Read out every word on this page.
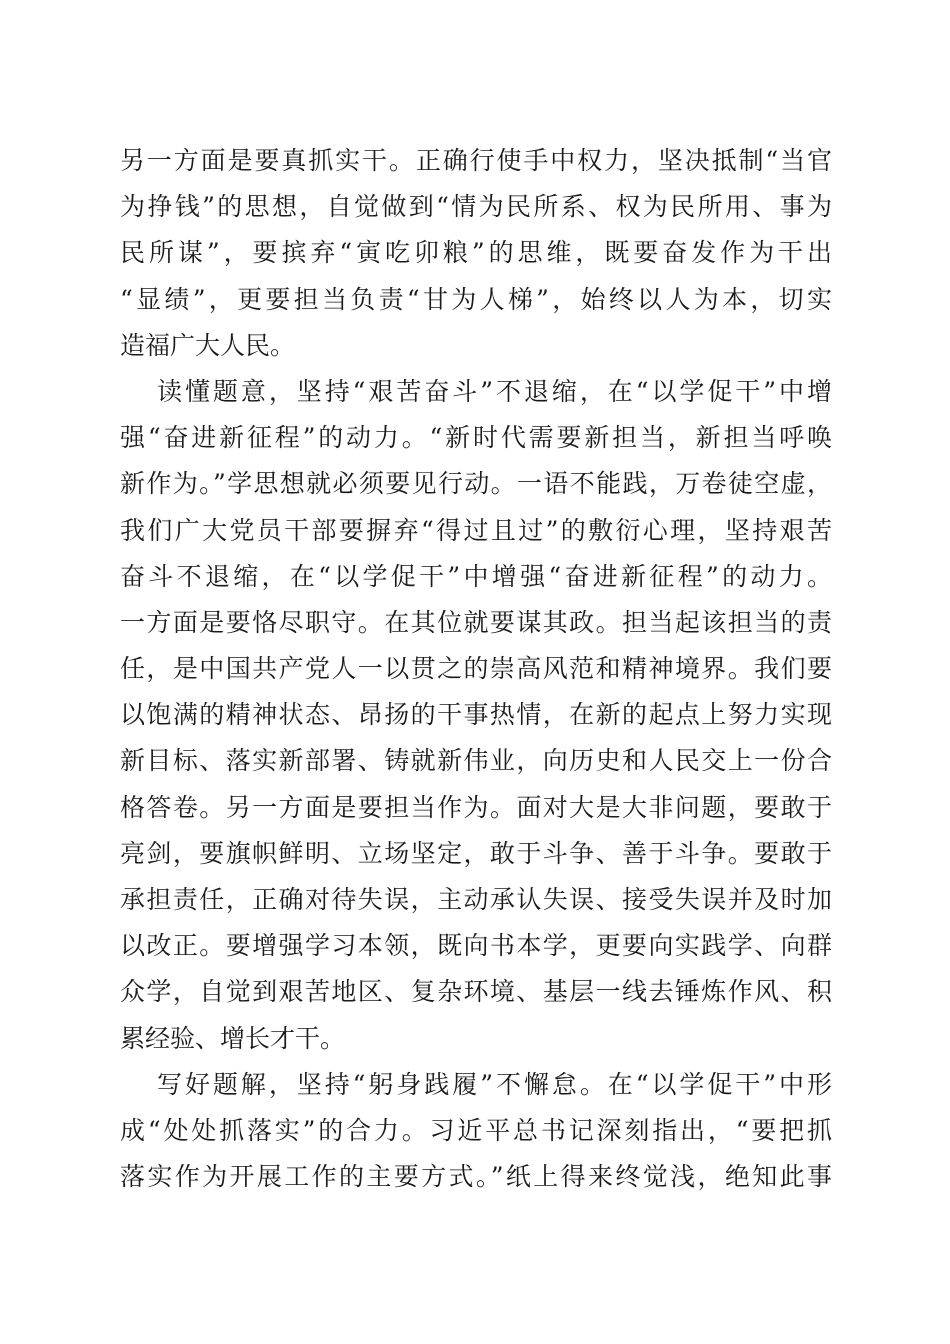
另一方面是要真抓实干。正确行使手中权力，坚决抵制“当官
为挣钱”的思想，自觉做到“情为民所系、权为民所用、事为
民所谋”，要摈弃“寅吃卯粮”的思维，既要奋发作为干出
“显绩”，更要担当负责“甘为人梯”，始终以人为本，切实
造福广大人民。
读懂题意，坚持“艰苦奋斗”不退缩，在“以学促干”中增
强“奋进新征程”的动力。“新时代需要新担当，新担当呼唤
新作为。”学思想就必须要见行动。一语不能践，万卷徒空虚，
我们广大党员干部要摒弃“得过且过”的敷衍心理，坚持艰苦
奋斗不退缩，在“以学促干”中增强“奋进新征程”的动力。
一方面是要恪尽职守。在其位就要谋其政。担当起该担当的责
任，是中国共产党人一以贯之的崇高风范和精神境界。我们要
以饱满的精神状态、昂扬的干事热情，在新的起点上努力实现
新目标、落实新部署、铸就新伟业，向历史和人民交上一份合
格答卷。另一方面是要担当作为。面对大是大非问题，要敢于
亮剑，要旗帜鲜明、立场坚定，敢于斗争、善于斗争。要敢于
承担责任，正确对待失误，主动承认失误、接受失误并及时加
以改正。要增强学习本领，既向书本学，更要向实践学、向群
众学，自觉到艰苦地区、复杂环境、基层一线去锤炼作风、积
累经验、增长才干。
写好题解，坚持“躬身践履”不懈怠。在“以学促干”中形
成“处处抓落实”的合力。习近平总书记深刻指出，“要把抓
落实作为开展工作的主要方式。”纸上得来终觉浅，绝知此事
